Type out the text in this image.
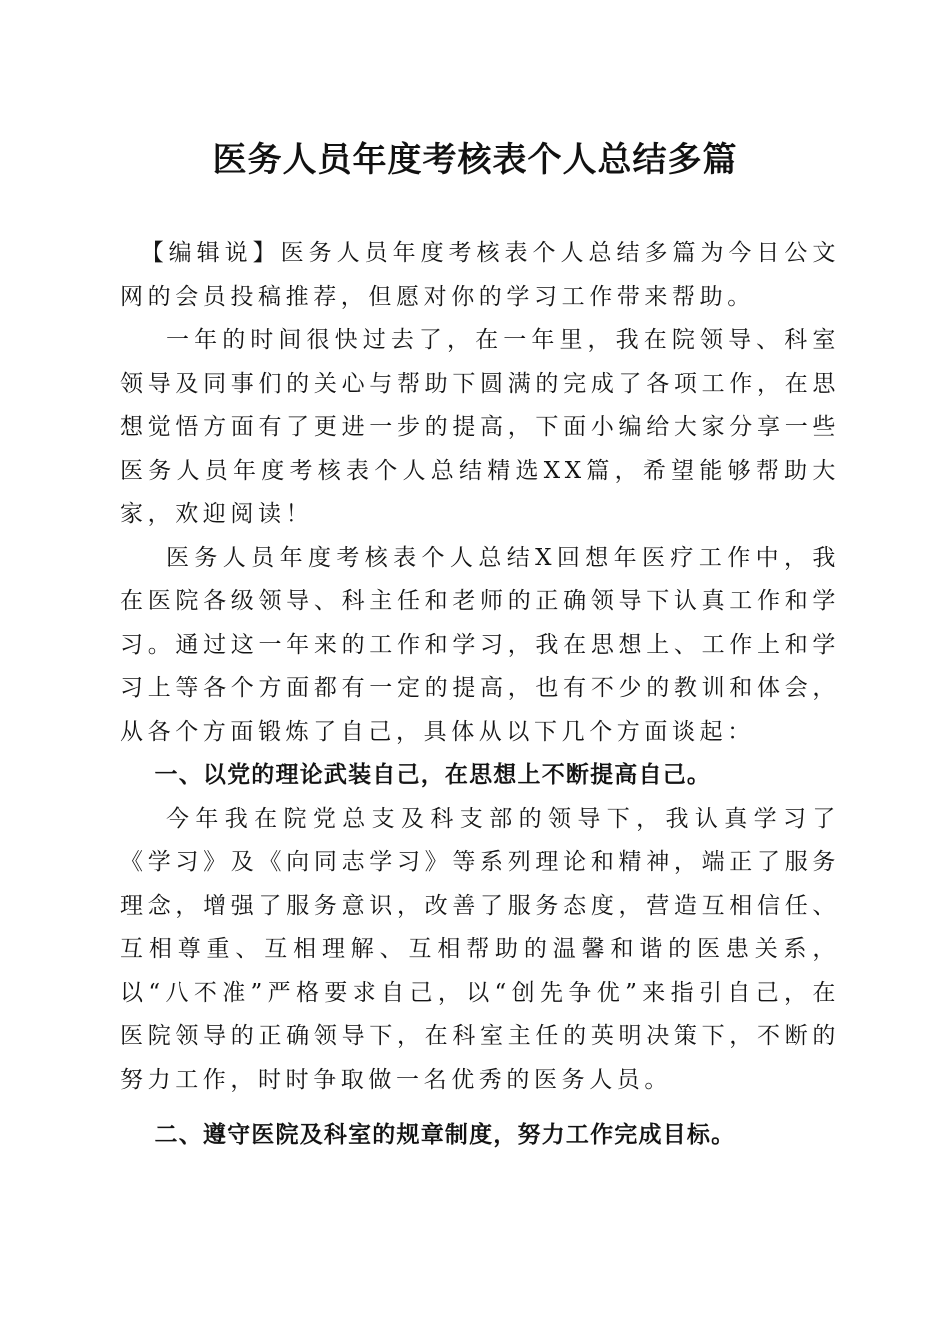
医务人员年度考核表个人总结多篇

【编辑说】医务人员年度考核表个人总结多篇为今日公文网的会员投稿推荐，但愿对你的学习工作带来帮助。

一年的时间很快过去了，在一年里，我在院领导、科室领导及同事们的关心与帮助下圆满的完成了各项工作，在思想觉悟方面有了更进一步的提高，下面小编给大家分享一些医务人员年度考核表个人总结精选XX篇，希望能够帮助大家，欢迎阅读！

医务人员年度考核表个人总结X回想年医疗工作中，我在医院各级领导、科主任和老师的正确领导下认真工作和学习。通过这一年来的工作和学习，我在思想上、工作上和学习上等各个方面都有一定的提高，也有不少的教训和体会，从各个方面锻炼了自己，具体从以下几个方面谈起：

一、以党的理论武装自己，在思想上不断提高自己。

今年我在院党总支及科支部的领导下，我认真学习了《学习》及《向同志学习》等系列理论和精神，端正了服务理念，增强了服务意识，改善了服务态度，营造互相信任、互相尊重、互相理解、互相帮助的温馨和谐的医患关系，以“八不准”严格要求自己，以“创先争优”来指引自己，在医院领导的正确领导下，在科室主任的英明决策下，不断的努力工作，时时争取做一名优秀的医务人员。

二、遵守医院及科室的规章制度，努力工作完成目标。
